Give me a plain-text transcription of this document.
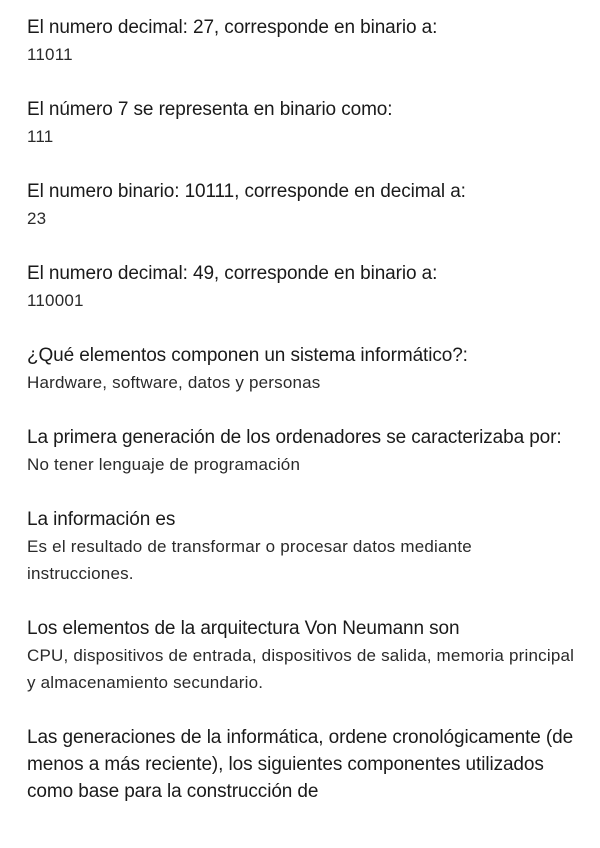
El numero decimal: 27, corresponde en binario a:

11011

El número 7 se representa en binario como:

111

El numero binario: 10111, corresponde en decimal a:

23

El numero decimal: 49, corresponde en binario a:

110001

¿Qué elementos componen un sistema informático?:

Hardware, software, datos y personas

La primera generación de los ordenadores se caracterizaba por:

No tener lenguaje de programación

La información es

Es el resultado de transformar o procesar datos mediante instrucciones.

Los elementos de la arquitectura Von Neumann son

CPU, dispositivos de entrada, dispositivos de salida, memoria principal y almacenamiento secundario.

Las generaciones de la informática, ordene cronológicamente (de menos a más reciente), los siguientes componentes utilizados como base para la construcción de
